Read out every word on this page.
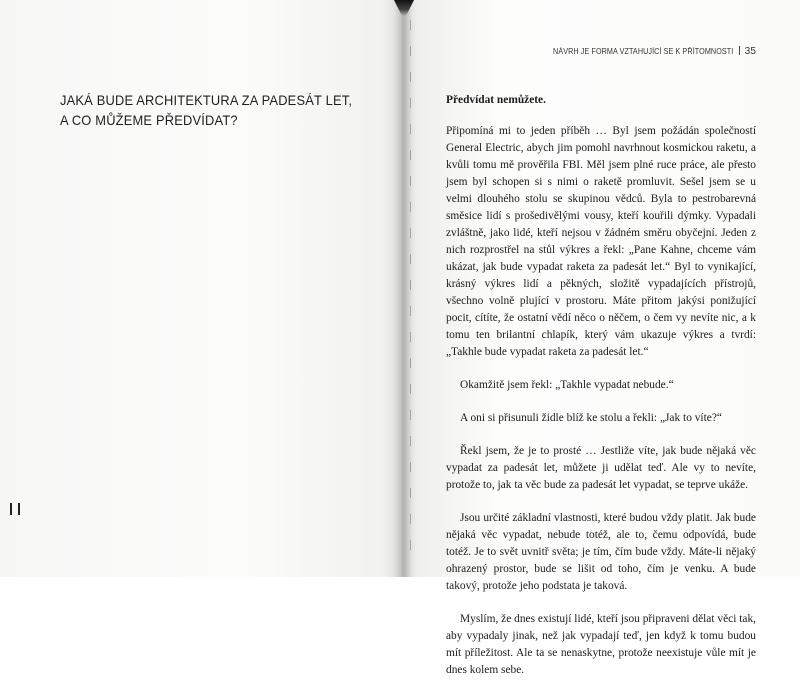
JAKÁ BUDE ARCHITEKTURA ZA PADESÁT LET,
A CO MŮŽEME PŘEDVÍDAT?
NÁVRH JE FORMA VZTAHUJÍCÍ SE K PŘÍTOMNOSTI 35
Předvídat nemůžete.

Připomíná mi to jeden příběh … Byl jsem požádán společností General Electric, abych jim pomohl navrhnout kosmickou raketu, a kvůli tomu mě prověřila FBI. Měl jsem plné ruce práce, ale přesto jsem byl schopen si s nimi o raketě promluvit. Sešel jsem se u velmi dlouhého stolu se skupinou vědců. Byla to pestrobarevná směsice lidí s prošedivělými vousy, kteří kouřili dýmky. Vypadali zvláštně, jako lidé, kteří nejsou v žádném směru obyčejní. Jeden z nich rozprostřel na stůl výkres a řekl: „Pane Kahne, chceme vám ukázat, jak bude vypadat raketa za padesát let.“ Byl to vynikající, krásný výkres lidí a pěkných, složitě vypadajících přístrojů, všechno volně plující v prostoru. Máte přitom jakýsi ponižující pocit, cítíte, že ostatní vědí něco o něčem, o čem vy nevíte nic, a k tomu ten brilantní chlapík, který vám ukazuje výkres a tvrdí: „Takhle bude vypadat raketa za padesát let.“

Okamžitě jsem řekl: „Takhle vypadat nebude.“

A oni si přisunuli židle blíž ke stolu a řekli: „Jak to víte?“

Řekl jsem, že je to prosté … Jestliže víte, jak bude nějaká věc vypadat za padesát let, můžete ji udělat teď. Ale vy to nevíte, protože to, jak ta věc bude za padesát let vypadat, se teprve ukáže.

Jsou určité základní vlastnosti, které budou vždy platit. Jak bude nějaká věc vypadat, nebude totéž, ale to, čemu odpovídá, bude totéž. Je to svět uvnitř světa; je tím, čím bude vždy. Máte-li nějaký ohrazený prostor, bude se lišit od toho, čím je venku. A bude takový, protože jeho podstata je taková.

Myslím, že dnes existují lidé, kteří jsou připraveni dělat věci tak, aby vypadaly jinak, než jak vypadají teď, jen když k tomu budou mít příležitost. Ale ta se nenaskytne, protože neexistuje vůle mít je dnes kolem sebe.
